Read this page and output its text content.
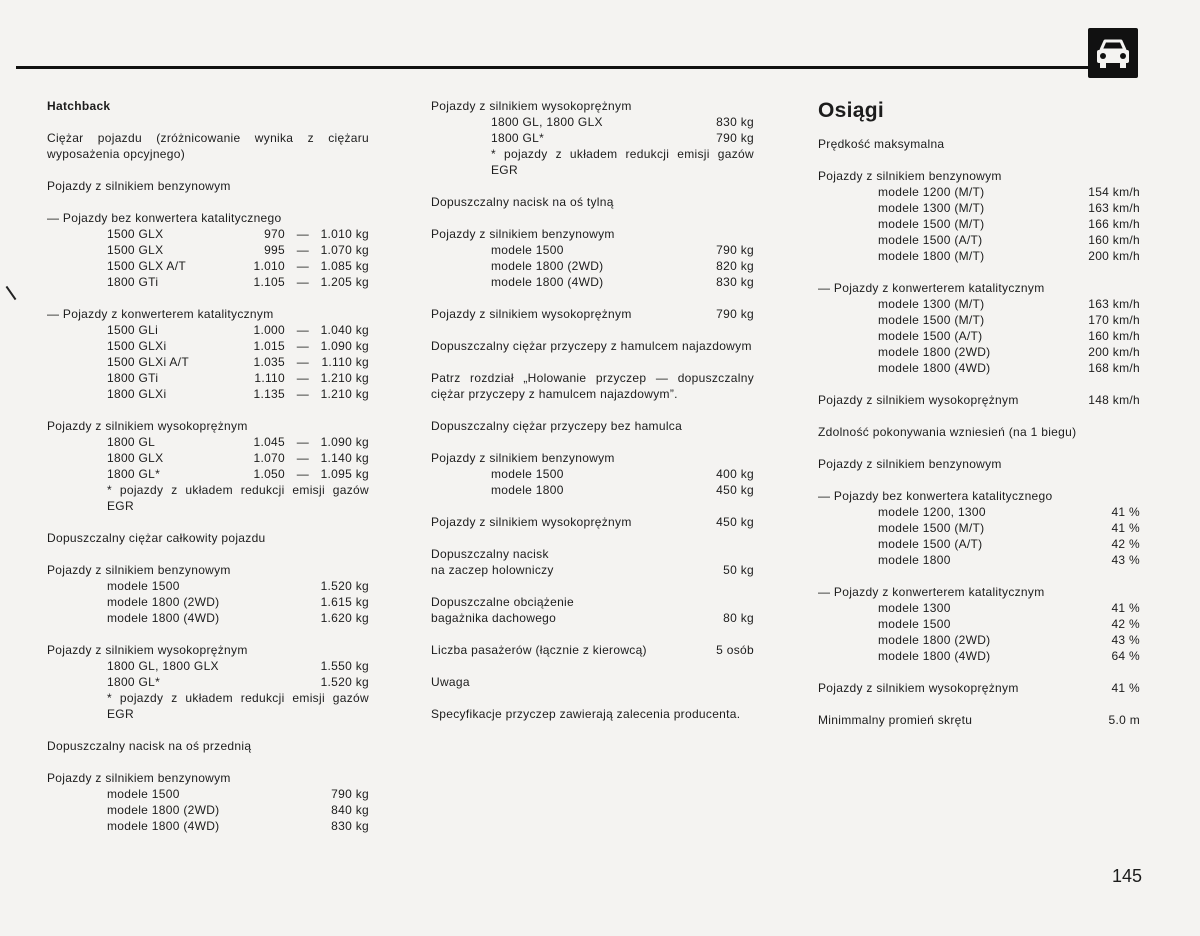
Hatchback
Ciężar pojazdu (zróżnicowanie wynika z ciężaru wyposażenia opcyjnego)
Pojazdy z silnikiem benzynowym
— Pojazdy bez konwertera katalitycznego
1500 GLX	970 — 1.010 kg
1500 GLX	995 — 1.070 kg
1500 GLX A/T	1.010 — 1.085 kg
1800 GTi	1.105 — 1.205 kg
— Pojazdy z konwerterem katalitycznym
1500 GLi	1.000 — 1.040 kg
1500 GLXi	1.015 — 1.090 kg
1500 GLXi A/T	1.035 — 1.110 kg
1800 GTi	1.110 — 1.210 kg
1800 GLXi	1.135 — 1.210 kg
Pojazdy z silnikiem wysokoprężnym
1800 GL	1.045 — 1.090 kg
1800 GLX	1.070 — 1.140 kg
1800 GL*	1.050 — 1.095 kg
* pojazdy z układem redukcji emisji gazów EGR
Dopuszczalny ciężar całkowity pojazdu
Pojazdy z silnikiem benzynowym
modele 1500	1.520 kg
modele 1800 (2WD)	1.615 kg
modele 1800 (4WD)	1.620 kg
Pojazdy z silnikiem wysokoprężnym
1800 GL, 1800 GLX	1.550 kg
1800 GL*	1.520 kg
* pojazdy z układem redukcji emisji gazów EGR
Dopuszczalny nacisk na oś przednią
Pojazdy z silnikiem benzynowym
modele 1500	790 kg
modele 1800 (2WD)	840 kg
modele 1800 (4WD)	830 kg
Pojazdy z silnikiem wysokoprężnym
1800 GL, 1800 GLX	830 kg
1800 GL*	790 kg
* pojazdy z układem redukcji emisji gazów EGR
Dopuszczalny nacisk na oś tylną
Pojazdy z silnikiem benzynowym
modele 1500	790 kg
modele 1800 (2WD)	820 kg
modele 1800 (4WD)	830 kg
Pojazdy z silnikiem wysokoprężnym	790 kg
Dopuszczalny ciężar przyczepy z hamulcem najazdowym
Patrz rozdział „Holowanie przyczep — dopuszczalny ciężar przyczepy z hamulcem najazdowym”.
Dopuszczalny ciężar przyczepy bez hamulca
Pojazdy z silnikiem benzynowym
modele 1500	400 kg
modele 1800	450 kg
Pojazdy z silnikiem wysokoprężnym	450 kg
Dopuszczalny nacisk
na zaczep holowniczy	50 kg
Dopuszczalne obciążenie
bagażnika dachowego	80 kg
Liczba pasażerów (łącznie z kierowcą)	5 osób
Uwaga
Specyfikacje przyczep zawierają zalecenia producenta.
Osiągi
Prędkość maksymalna
Pojazdy z silnikiem benzynowym
modele 1200 (M/T)	154 km/h
modele 1300 (M/T)	163 km/h
modele 1500 (M/T)	166 km/h
modele 1500 (A/T)	160 km/h
modele 1800 (M/T)	200 km/h
— Pojazdy z konwerterem katalitycznym
modele 1300 (M/T)	163 km/h
modele 1500 (M/T)	170 km/h
modele 1500 (A/T)	160 km/h
modele 1800 (2WD)	200 km/h
modele 1800 (4WD)	168 km/h
Pojazdy z silnikiem wysokoprężnym	148 km/h
Zdolność pokonywania wzniesień (na 1 biegu)
Pojazdy z silnikiem benzynowym
— Pojazdy bez konwertera katalitycznego
modele 1200, 1300	41 %
modele 1500 (M/T)	41 %
modele 1500 (A/T)	42 %
modele 1800	43 %
— Pojazdy z konwerterem katalitycznym
modele 1300	41 %
modele 1500	42 %
modele 1800 (2WD)	43 %
modele 1800 (4WD)	64 %
Pojazdy z silnikiem wysokoprężnym	41 %
Minimmalny promień skrętu	5.0 m
145
